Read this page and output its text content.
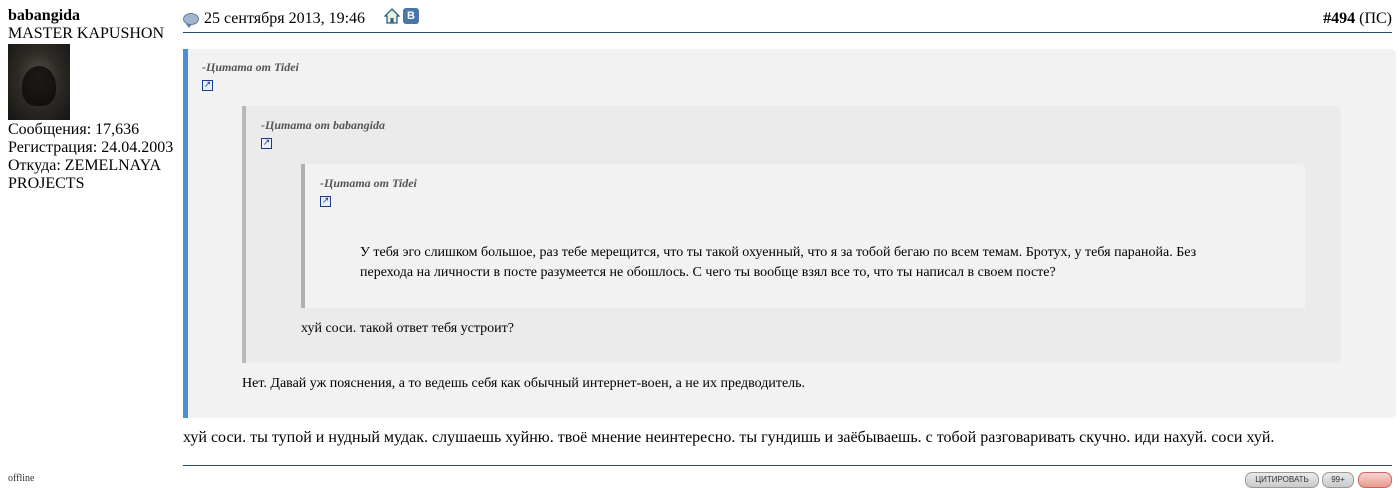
babangida
MASTER KAPUSHON
Сообщения: 17,636
Регистрация: 24.04.2003
Откуда: ZEMELNAYA PROJECTS
offline
25 сентября 2013, 19:46	В	#494 (ПС)
-Цитата от Tidei
↗
Нет. Давай уж пояснения, а то ведешь себя как обычный интернет-воен, а не их предводитель.
-Цитата от babangida
↗
хуй соси. такой ответ тебя устроит?
-Цитата от Tidei
↗
У тебя эго слишком большое, раз тебе мерещится, что ты такой охуенный, что я за тобой бегаю по всем темам. Бротух, у тебя паранойа. Без перехода на личности в посте разумеется не обошлось. С чего ты вообще взял все то, что ты написал в своем посте?
хуй соси. ты тупой и нудный мудак. слушаешь хуйню. твоё мнение неинтересно. ты гундишь и заёбываешь. с тобой разговаривать скучно. иди нахуй. соси хуй.
ЦИТИРОВАТЬ	99+
